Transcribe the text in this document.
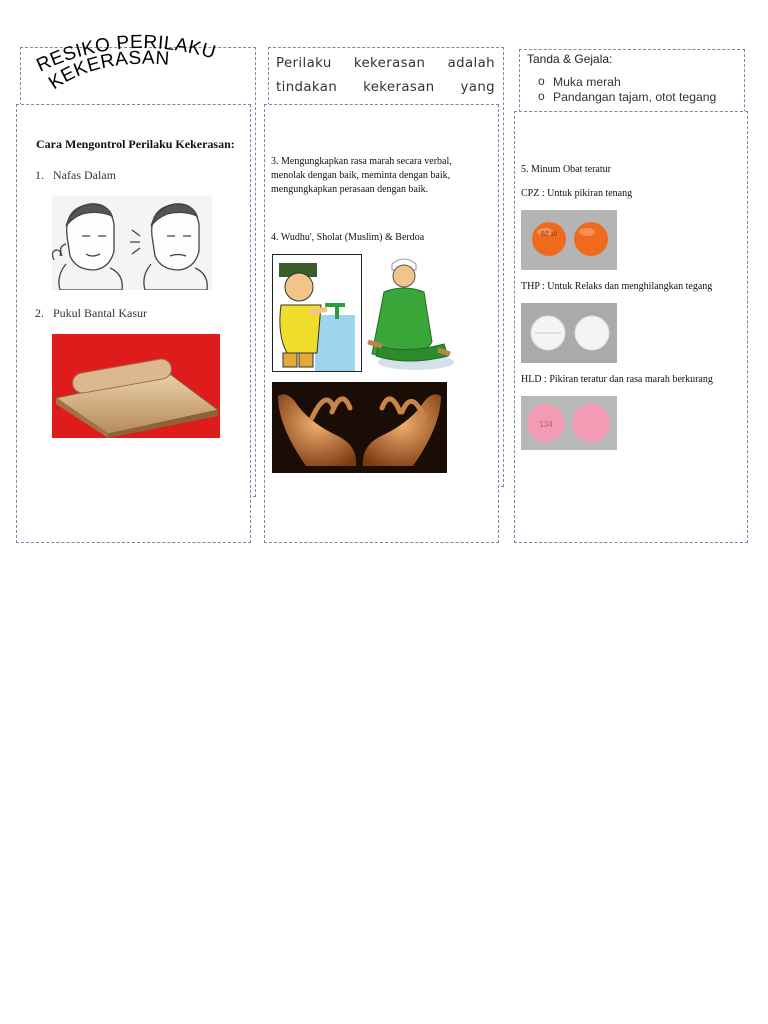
RESIKO PERILAKU
KEKERASAN	Perilaku kekerasan adalah tindakan kekerasan yang
Tanda & Gejala:
o Muka merah
o Pandangan tajam, otot tegang
Cara Mengontrol Perilaku Kekerasan:
1. Nafas Dalam
2. Pukul Bantal Kasur
3. Mengungkapkan rasa marah secara verbal, menolak dengan baik, meminta dengan baik, mengungkapkan perasaan dengan baik.
4. Wudhu', Sholat (Muslim) & Berdoa
5. Minum Obat teratur
CPZ : Untuk pikiran tenang
BZ 10
THP : Untuk Relaks dan menghilangkan tegang
HLD : Pikiran teratur dan rasa marah berkurang
134
